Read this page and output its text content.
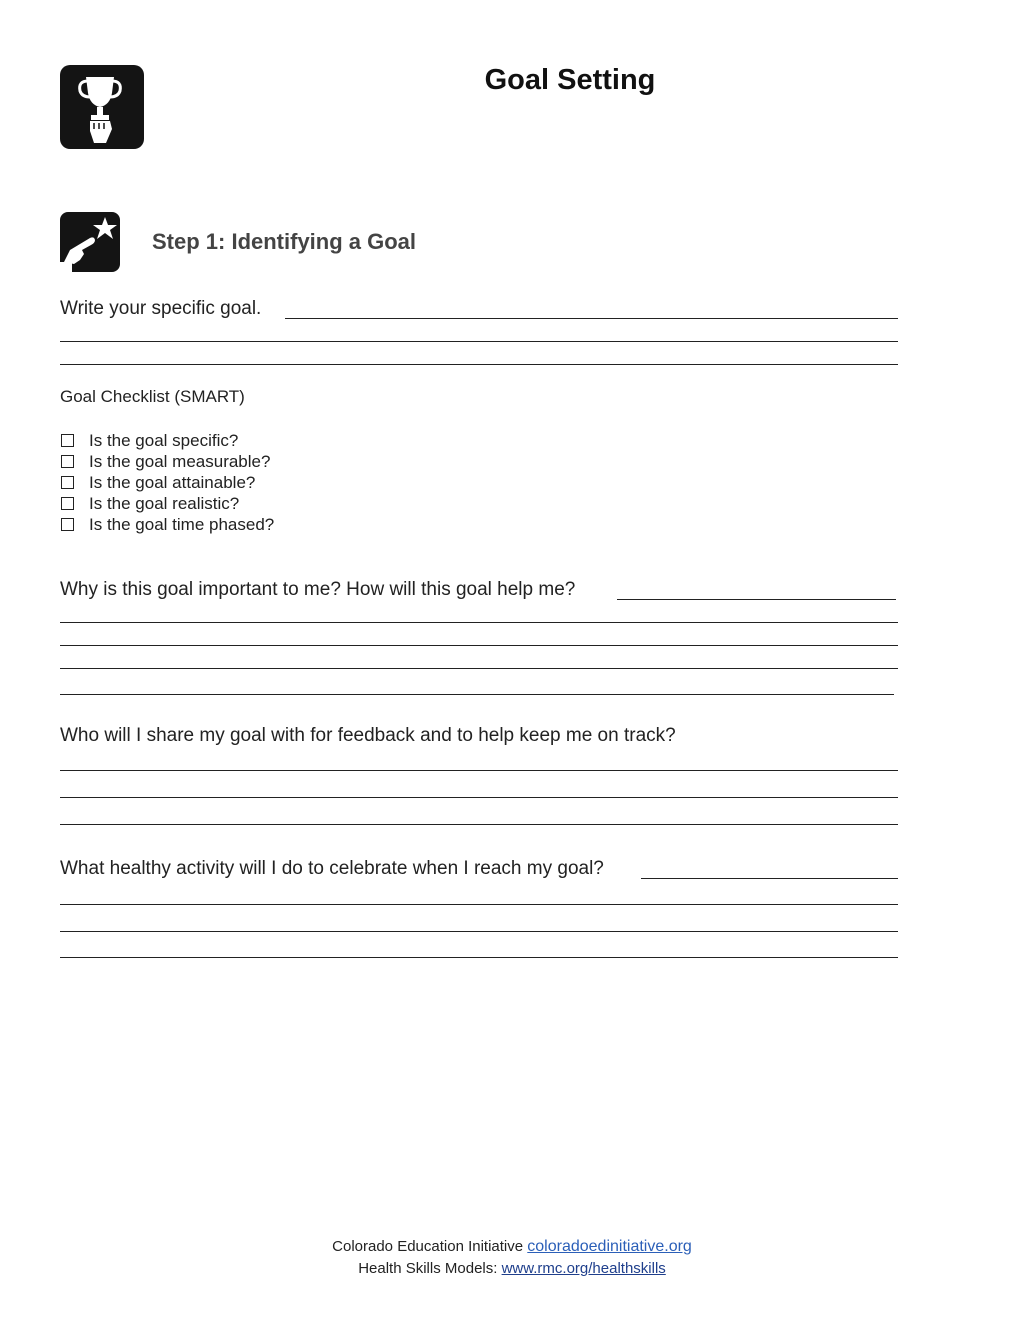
Goal Setting
Step 1: Identifying a Goal
Write your specific goal.
Goal Checklist (SMART)
Is the goal specific?
Is the goal measurable?
Is the goal attainable?
Is the goal realistic?
Is the goal time phased?
Why is this goal important to me? How will this goal help me?
Who will I share my goal with for feedback and to help keep me on track?
What healthy activity will I do to celebrate when I reach my goal?
Colorado Education Initiative coloradoedinitiative.org
Health Skills Models: www.rmc.org/healthskills
